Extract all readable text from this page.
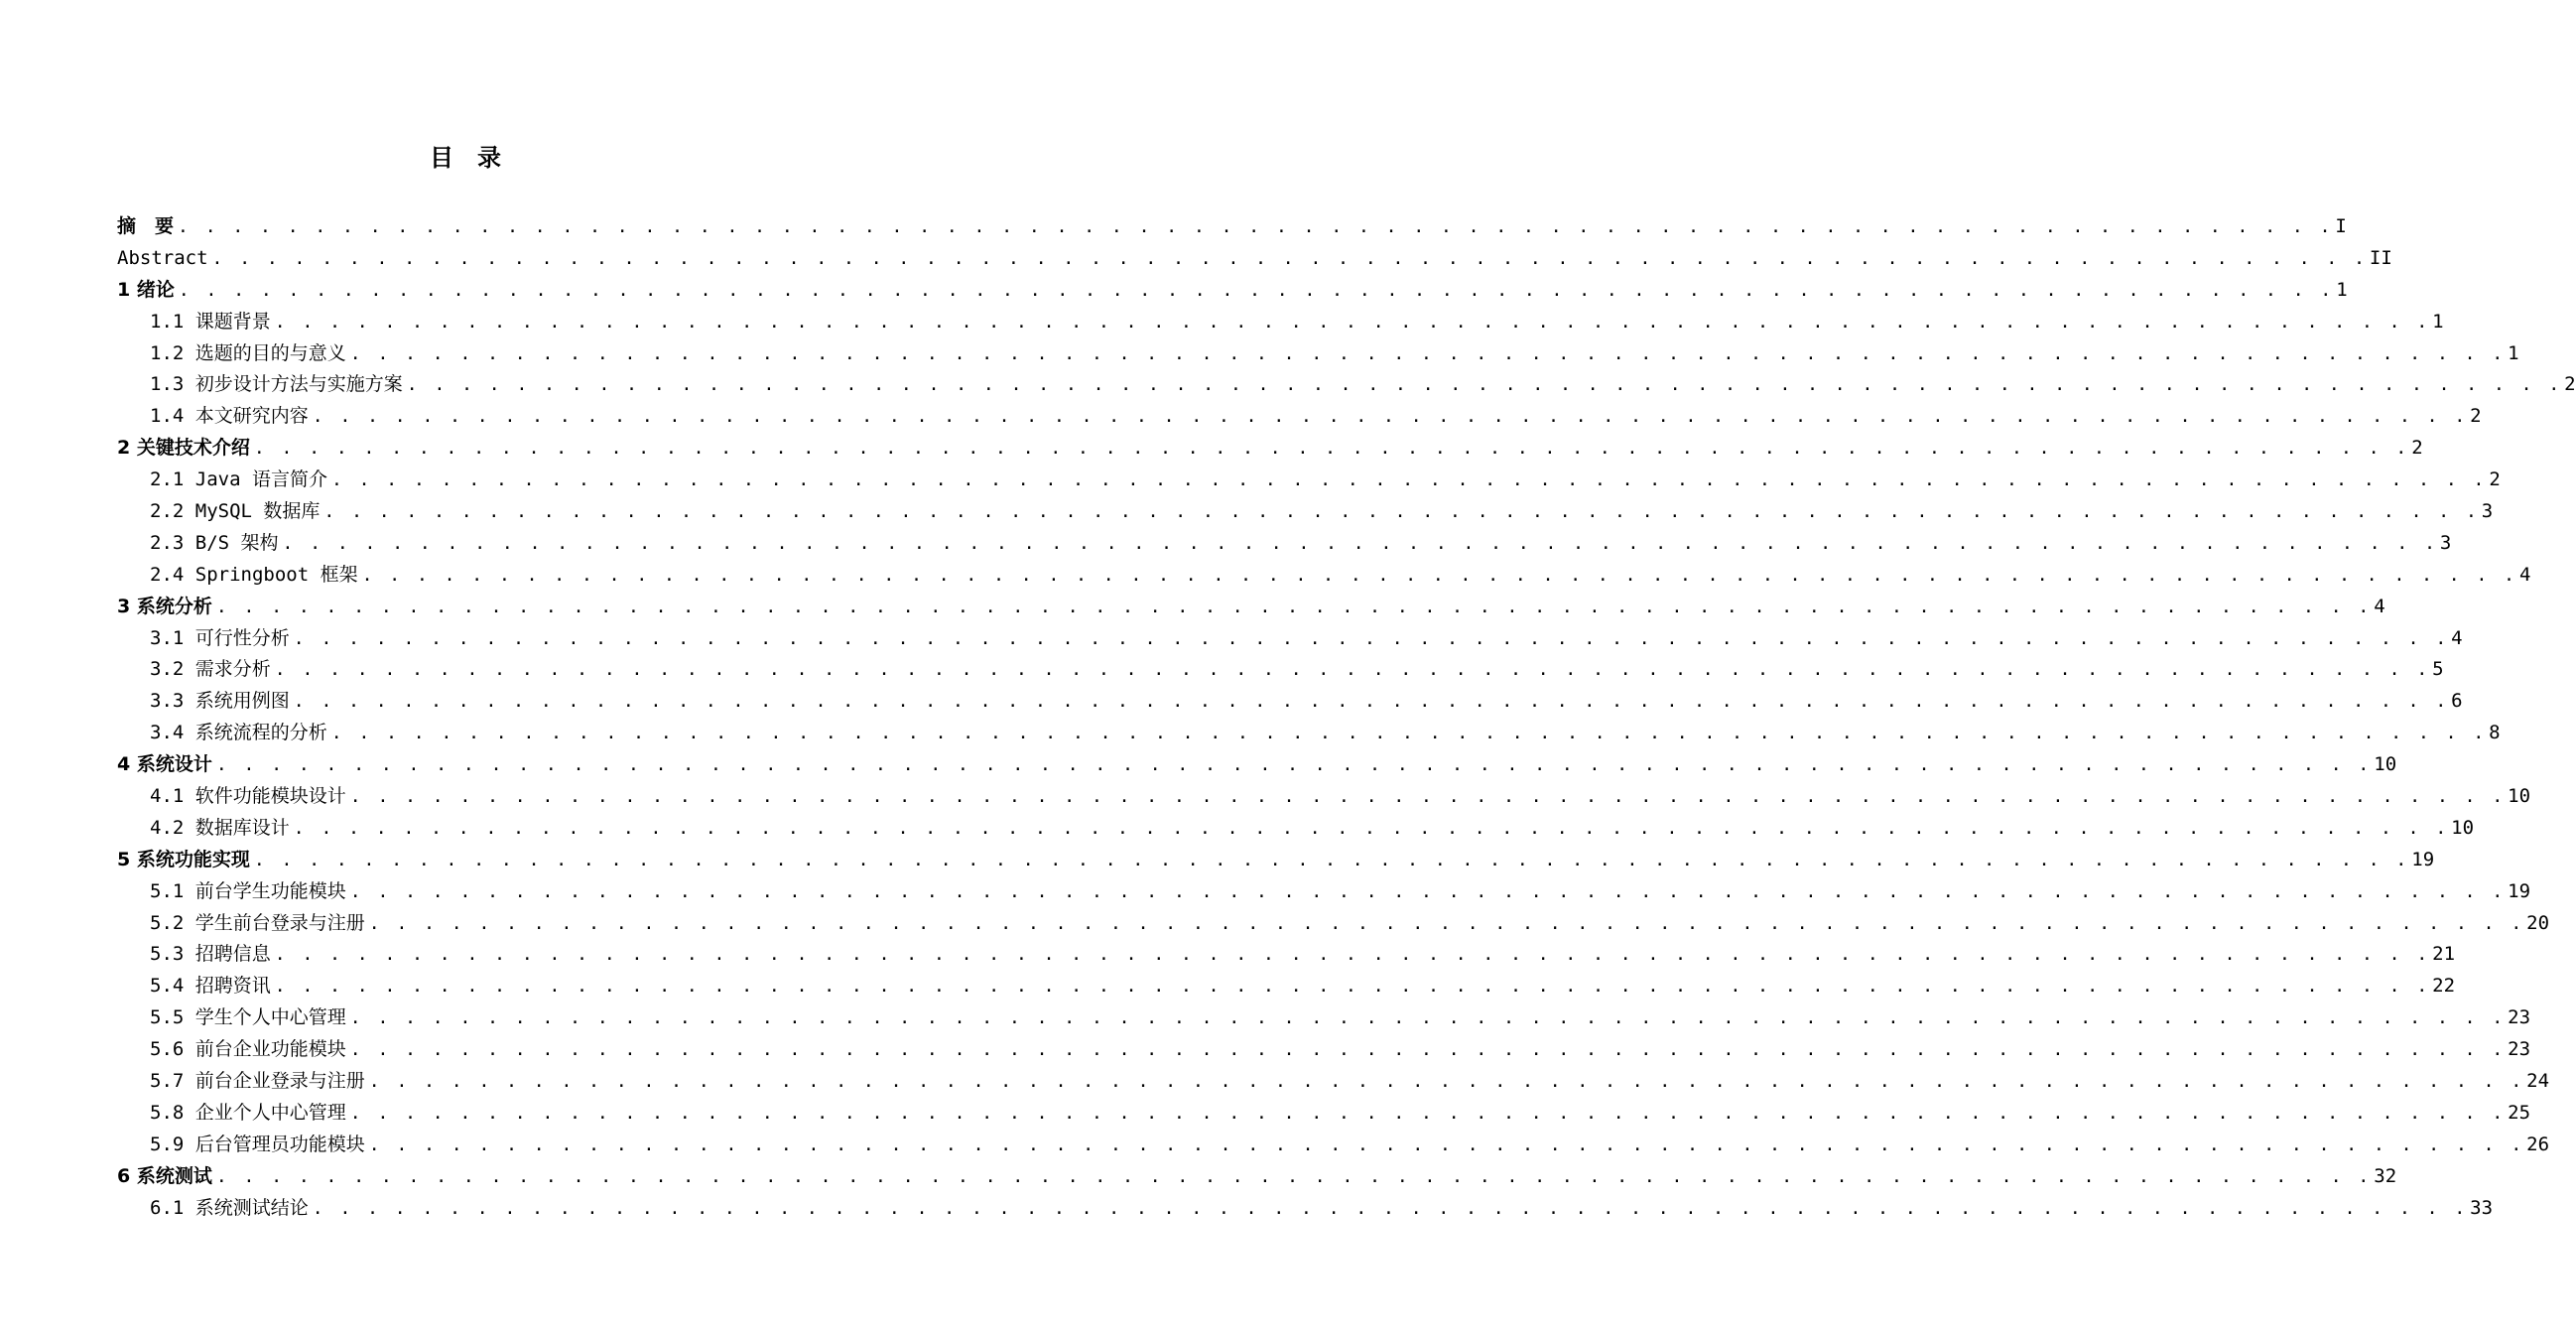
目录
摘　要 . . . . . . . . . . . . . . . . . . . . . . . . . . . . . . . . . . . . . . . . . . . . . . . . . . . . . . . . . . . . . . . . . . . . . . . . . . . . . . . I
Abstract . . . . . . . . . . . . . . . . . . . . . . . . . . . . . . . . . . . . . . . . . . . . . . . . . . . . . . . . . . . . . . . . . . . . . . . . . . . . . . . II
1 绪论 . . . . . . . . . . . . . . . . . . . . . . . . . . . . . . . . . . . . . . . . . . . . . . . . . . . . . . . . . . . . . . . . . . . . . . . . . . . . . . . 1
1.1 课题背景 . . . . . . . . . . . . . . . . . . . . . . . . . . . . . . . . . . . . . . . . . . . . . . . . . . . . . . . . . . . . . . . . . . . . . . . . . . . . . . . 1
1.2 选题的目的与意义 . . . . . . . . . . . . . . . . . . . . . . . . . . . . . . . . . . . . . . . . . . . . . . . . . . . . . . . . . . . . . . . . . . . . . . . . . . . . . . . 1
1.3 初步设计方法与实施方案 . . . . . . . . . . . . . . . . . . . . . . . . . . . . . . . . . . . . . . . . . . . . . . . . . . . . . . . . . . . . . . . . . . . . . . . . . . . . . . . 2
1.4 本文研究内容 . . . . . . . . . . . . . . . . . . . . . . . . . . . . . . . . . . . . . . . . . . . . . . . . . . . . . . . . . . . . . . . . . . . . . . . . . . . . . . . 2
2 关键技术介绍 . . . . . . . . . . . . . . . . . . . . . . . . . . . . . . . . . . . . . . . . . . . . . . . . . . . . . . . . . . . . . . . . . . . . . . . . . . . . . . . 2
2.1 Java 语言简介 . . . . . . . . . . . . . . . . . . . . . . . . . . . . . . . . . . . . . . . . . . . . . . . . . . . . . . . . . . . . . . . . . . . . . . . . . . . . . . . 2
2.2 MySQL 数据库 . . . . . . . . . . . . . . . . . . . . . . . . . . . . . . . . . . . . . . . . . . . . . . . . . . . . . . . . . . . . . . . . . . . . . . . . . . . . . . . 3
2.3 B/S 架构 . . . . . . . . . . . . . . . . . . . . . . . . . . . . . . . . . . . . . . . . . . . . . . . . . . . . . . . . . . . . . . . . . . . . . . . . . . . . . . . 3
2.4 Springboot 框架 . . . . . . . . . . . . . . . . . . . . . . . . . . . . . . . . . . . . . . . . . . . . . . . . . . . . . . . . . . . . . . . . . . . . . . . . . . . . . . . 4
3 系统分析 . . . . . . . . . . . . . . . . . . . . . . . . . . . . . . . . . . . . . . . . . . . . . . . . . . . . . . . . . . . . . . . . . . . . . . . . . . . . . . . 4
3.1 可行性分析 . . . . . . . . . . . . . . . . . . . . . . . . . . . . . . . . . . . . . . . . . . . . . . . . . . . . . . . . . . . . . . . . . . . . . . . . . . . . . . . 4
3.2 需求分析 . . . . . . . . . . . . . . . . . . . . . . . . . . . . . . . . . . . . . . . . . . . . . . . . . . . . . . . . . . . . . . . . . . . . . . . . . . . . . . . 5
3.3 系统用例图 . . . . . . . . . . . . . . . . . . . . . . . . . . . . . . . . . . . . . . . . . . . . . . . . . . . . . . . . . . . . . . . . . . . . . . . . . . . . . . . 6
3.4 系统流程的分析 . . . . . . . . . . . . . . . . . . . . . . . . . . . . . . . . . . . . . . . . . . . . . . . . . . . . . . . . . . . . . . . . . . . . . . . . . . . . . . . 8
4 系统设计 . . . . . . . . . . . . . . . . . . . . . . . . . . . . . . . . . . . . . . . . . . . . . . . . . . . . . . . . . . . . . . . . . . . . . . . . . . . . . . . 10
4.1 软件功能模块设计 . . . . . . . . . . . . . . . . . . . . . . . . . . . . . . . . . . . . . . . . . . . . . . . . . . . . . . . . . . . . . . . . . . . . . . . . . . . . . . . 10
4.2 数据库设计 . . . . . . . . . . . . . . . . . . . . . . . . . . . . . . . . . . . . . . . . . . . . . . . . . . . . . . . . . . . . . . . . . . . . . . . . . . . . . . . 10
5 系统功能实现 . . . . . . . . . . . . . . . . . . . . . . . . . . . . . . . . . . . . . . . . . . . . . . . . . . . . . . . . . . . . . . . . . . . . . . . . . . . . . . . 19
5.1 前台学生功能模块 . . . . . . . . . . . . . . . . . . . . . . . . . . . . . . . . . . . . . . . . . . . . . . . . . . . . . . . . . . . . . . . . . . . . . . . . . . . . . . . 19
5.2 学生前台登录与注册 . . . . . . . . . . . . . . . . . . . . . . . . . . . . . . . . . . . . . . . . . . . . . . . . . . . . . . . . . . . . . . . . . . . . . . . . . . . . . . . 20
5.3 招聘信息 . . . . . . . . . . . . . . . . . . . . . . . . . . . . . . . . . . . . . . . . . . . . . . . . . . . . . . . . . . . . . . . . . . . . . . . . . . . . . . . 21
5.4 招聘资讯 . . . . . . . . . . . . . . . . . . . . . . . . . . . . . . . . . . . . . . . . . . . . . . . . . . . . . . . . . . . . . . . . . . . . . . . . . . . . . . . 22
5.5 学生个人中心管理 . . . . . . . . . . . . . . . . . . . . . . . . . . . . . . . . . . . . . . . . . . . . . . . . . . . . . . . . . . . . . . . . . . . . . . . . . . . . . . . 23
5.6 前台企业功能模块 . . . . . . . . . . . . . . . . . . . . . . . . . . . . . . . . . . . . . . . . . . . . . . . . . . . . . . . . . . . . . . . . . . . . . . . . . . . . . . . 23
5.7 前台企业登录与注册 . . . . . . . . . . . . . . . . . . . . . . . . . . . . . . . . . . . . . . . . . . . . . . . . . . . . . . . . . . . . . . . . . . . . . . . . . . . . . . . 24
5.8 企业个人中心管理 . . . . . . . . . . . . . . . . . . . . . . . . . . . . . . . . . . . . . . . . . . . . . . . . . . . . . . . . . . . . . . . . . . . . . . . . . . . . . . . 25
5.9 后台管理员功能模块 . . . . . . . . . . . . . . . . . . . . . . . . . . . . . . . . . . . . . . . . . . . . . . . . . . . . . . . . . . . . . . . . . . . . . . . . . . . . . . . 26
6 系统测试 . . . . . . . . . . . . . . . . . . . . . . . . . . . . . . . . . . . . . . . . . . . . . . . . . . . . . . . . . . . . . . . . . . . . . . . . . . . . . . . 32
6.1 系统测试结论 . . . . . . . . . . . . . . . . . . . . . . . . . . . . . . . . . . . . . . . . . . . . . . . . . . . . . . . . . . . . . . . . . . . . . . . . . . . . . . . 33
